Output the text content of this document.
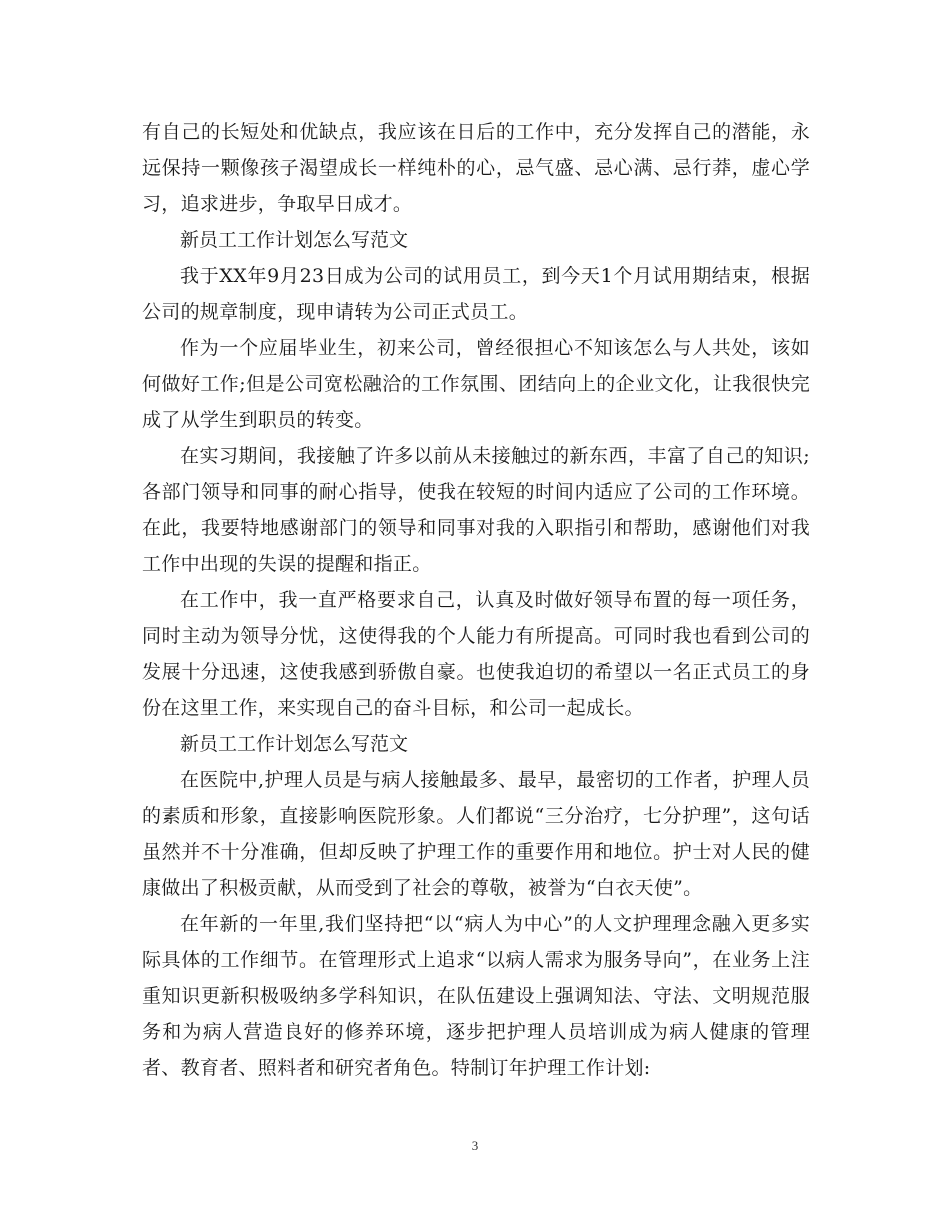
有自己的长短处和优缺点，我应该在日后的工作中，充分发挥自己的潜能，永远保持一颗像孩子渴望成长一样纯朴的心，忌气盛、忌心满、忌行莽，虚心学习，追求进步，争取早日成才。

新员工工作计划怎么写范文

我于XX年9月23日成为公司的试用员工，到今天1个月试用期结束，根据公司的规章制度，现申请转为公司正式员工。

作为一个应届毕业生，初来公司，曾经很担心不知该怎么与人共处，该如何做好工作;但是公司宽松融洽的工作氛围、团结向上的企业文化，让我很快完成了从学生到职员的转变。

在实习期间，我接触了许多以前从未接触过的新东西，丰富了自己的知识;各部门领导和同事的耐心指导，使我在较短的时间内适应了公司的工作环境。在此，我要特地感谢部门的领导和同事对我的入职指引和帮助，感谢他们对我工作中出现的失误的提醒和指正。

在工作中，我一直严格要求自己，认真及时做好领导布置的每一项任务，同时主动为领导分忧，这使得我的个人能力有所提高。可同时我也看到公司的发展十分迅速，这使我感到骄傲自豪。也使我迫切的希望以一名正式员工的身份在这里工作，来实现自己的奋斗目标，和公司一起成长。

新员工工作计划怎么写范文

在医院中,护理人员是与病人接触最多、最早，最密切的工作者，护理人员的素质和形象，直接影响医院形象。人们都说“三分治疗，七分护理”，这句话虽然并不十分准确，但却反映了护理工作的重要作用和地位。护士对人民的健康做出了积极贡献，从而受到了社会的尊敬，被誉为“白衣天使”。

在年新的一年里,我们坚持把“以“病人为中心”的人文护理理念融入更多实际具体的工作细节。在管理形式上追求“以病人需求为服务导向”，在业务上注重知识更新积极吸纳多学科知识，在队伍建设上强调知法、守法、文明规范服务和为病人营造良好的修养环境，逐步把护理人员培训成为病人健康的管理者、教育者、照料者和研究者角色。特制订年护理工作计划:

3
